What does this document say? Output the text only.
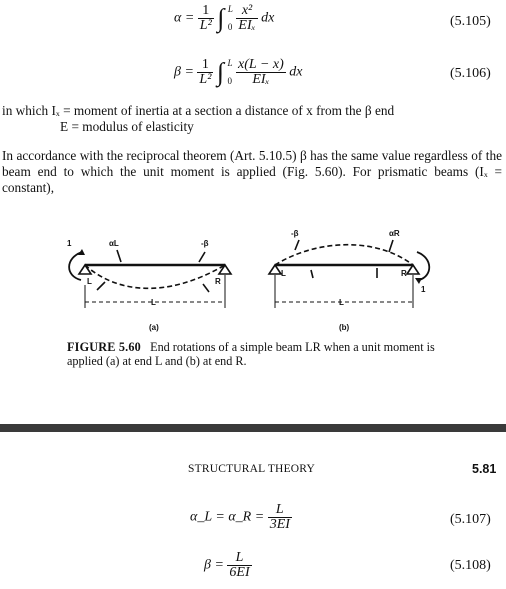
$\alpha = \frac{1}{\text{L²}}$ ∫ L

$0 \frac{\text{x²}}{\text{EIₓ}}$ dx	(5.105)
$\beta = \frac{1}{\text{L²}}$ ∫ L

$0 \frac{x(L - x)}{\text{EIₓ}}$ dx	(5.106)
in which Iₓ = moment of inertia at a section a distance of x from the β end
E = modulus of elasticity
In accordance with the reciprocal theorem (Art. 5.10.5) β has the same value regardless of the beam end to which the unit moment is applied (Fig. 5.60). For prismatic beams (Iₓ = constant),
1	αL	-β
L	R
L
(a)
-β	αR
L	R
1
L
(b)
FIGURE 5.60 End rotations of a simple beam LR when a unit moment is applied (a) at end L and (b) at end R.
STRUCTURAL THEORY	5.81
α_L = α_R = $\frac{L}{3EI}$	(5.107)
$\beta = \frac{L}{6EI}$	(5.108)
